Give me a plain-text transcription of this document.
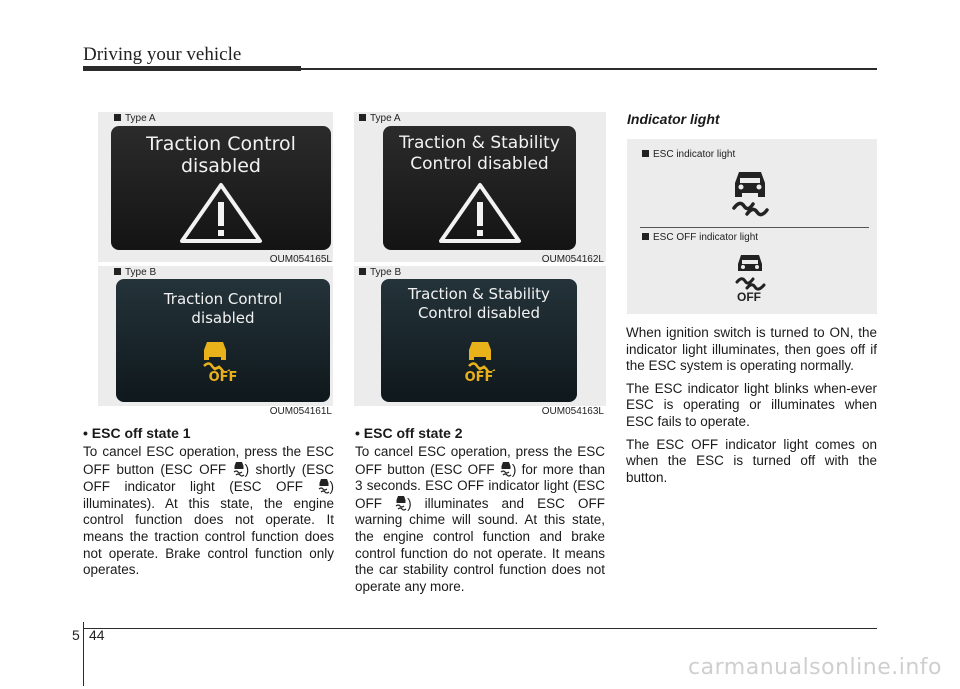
Driving your vehicle
Type A
Traction Control
disabled
OUM054165L
Type B
Traction Control
disabled
OFF
OUM054161L
Type A
Traction & Stability
Control disabled
OUM054162L
Type B
Traction & Stability
Control disabled
OFF
OUM054163L
• ESC off state 1
To cancel ESC operation, press the ESC OFF button (ESC OFF ) shortly (ESC OFF indicator light (ESC OFF ) illuminates). At this state, the engine control function does not operate. It means the traction control function does not operate. Brake control function only operates.
• ESC off state 2
To cancel ESC operation, press the ESC OFF button (ESC OFF ) for more than 3 seconds. ESC OFF indicator light (ESC OFF ) illuminates and ESC OFF warning chime will sound. At this state, the engine control function and brake control function do not operate. It means the car stability control function does not operate any more.
Indicator light
ESC indicator light
ESC OFF indicator light
OFF

When ignition switch is turned to ON, the indicator light illuminates, then goes off if the ESC system is operating normally.

The ESC indicator light blinks when-ever ESC is operating or illuminates when ESC fails to operate.

The ESC OFF indicator light comes on when the ESC is turned off with the button.

5 44
carmanualsonline.info
